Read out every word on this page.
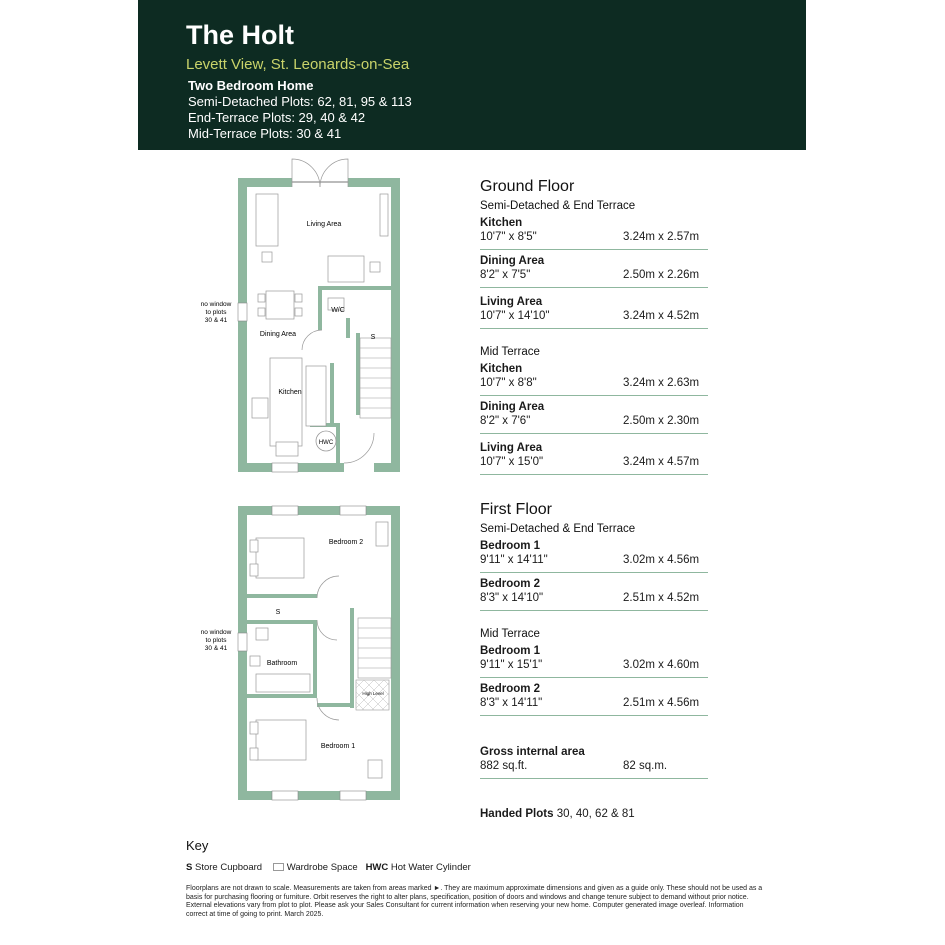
The Holt
Levett View, St. Leonards-on-Sea
Two Bedroom Home
Semi-Detached Plots: 62, 81, 95 & 113
End-Terrace Plots: 29, 40 & 42
Mid-Terrace Plots: 30 & 41
Living Area
Dining Area
Kitchen
W/C
S
HWC
no window
to plots
30 & 41
Bedroom 2
Bedroom 1
Bathroom
S
High Level
no window
to plots
30 & 41
Ground Floor
Semi-Detached & End Terrace
Kitchen
10'7" x 8'5"	3.24m x 2.57m
Dining Area
8'2" x 7'5"	2.50m x 2.26m
Living Area
10'7" x 14'10"	3.24m x 4.52m
Mid Terrace
Kitchen
10'7" x 8'8"	3.24m x 2.63m
Dining Area
8'2" x 7'6"	2.50m x 2.30m
Living Area
10'7" x 15'0"	3.24m x 4.57m
First Floor
Semi-Detached & End Terrace
Bedroom 1
9'11" x 14'11"	3.02m x 4.56m
Bedroom 2
8'3" x 14'10"	2.51m x 4.52m
Mid Terrace
Bedroom 1
9'11" x 15'1"	3.02m x 4.60m
Bedroom 2
8'3" x 14'11"	2.51m x 4.56m
Gross internal area
882 sq.ft.	82 sq.m.
Handed Plots 30, 40, 62 & 81
Key
S Store Cupboard	Wardrobe Space HWC Hot Water Cylinder
Floorplans are not drawn to scale. Measurements are taken from areas marked ►. They are maximum approximate dimensions and given as a guide only. These should not be used as a basis for purchasing flooring or furniture. Orbit reserves the right to alter plans, specification, position of doors and windows and change tenure subject to demand without prior notice. External elevations vary from plot to plot. Please ask your Sales Consultant for current information when reserving your new home. Computer generated image overleaf. Information correct at time of going to print. March 2025.
